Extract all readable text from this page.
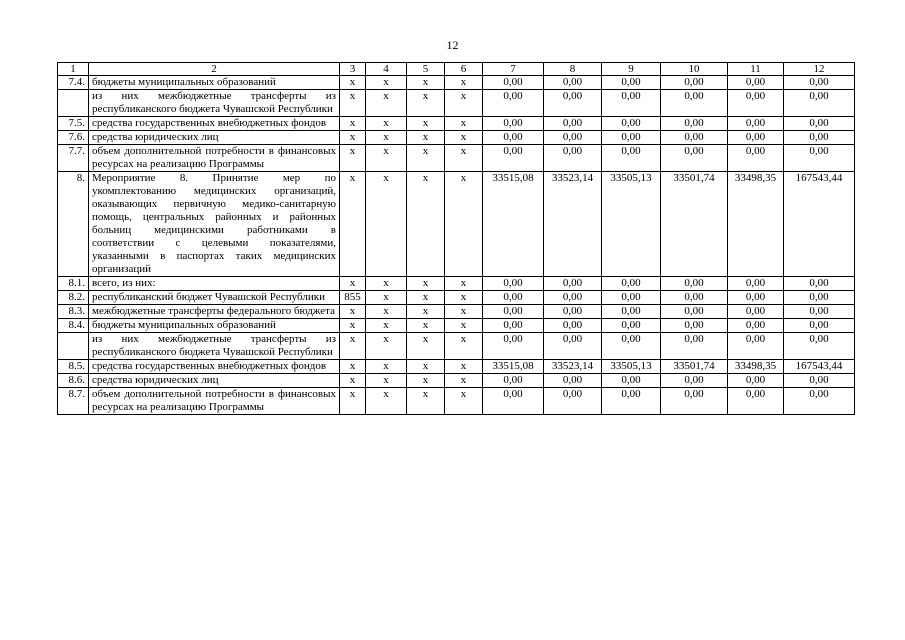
12
1	2	3	4	5	6	7	8	9	10	11	12
7.4.	бюджеты муниципальных образований	x	x	x	x	0,00	0,00	0,00	0,00	0,00	0,00
	из них межбюджетные трансферты из республиканского бюджета Чувашской Республики	x	x	x	x	0,00	0,00	0,00	0,00	0,00	0,00
7.5.	средства государственных внебюджетных фондов	x	x	x	x	0,00	0,00	0,00	0,00	0,00	0,00
7.6.	средства юридических лиц	x	x	x	x	0,00	0,00	0,00	0,00	0,00	0,00
7.7.	объем дополнительной потребности в финансовых ресурсах на реализацию Программы	x	x	x	x	0,00	0,00	0,00	0,00	0,00	0,00
8.	Мероприятие 8. Принятие мер по укомплектованию медицинских организаций, оказывающих первичную медико-санитарную помощь, центральных районных и районных больниц медицинскими работниками в соответствии с целевыми показателями, указанными в паспортах таких медицинских организаций	x	x	x	x	33515,08	33523,14	33505,13	33501,74	33498,35	167543,44
8.1.	всего, из них:	x	x	x	x	0,00	0,00	0,00	0,00	0,00	0,00
8.2.	республиканский бюджет Чувашской Республики	855	x	x	x	0,00	0,00	0,00	0,00	0,00	0,00
8.3.	межбюджетные трансферты федерального бюджета	x	x	x	x	0,00	0,00	0,00	0,00	0,00	0,00
8.4.	бюджеты муниципальных образований	x	x	x	x	0,00	0,00	0,00	0,00	0,00	0,00
	из них межбюджетные трансферты из республиканского бюджета Чувашской Республики	x	x	x	x	0,00	0,00	0,00	0,00	0,00	0,00
8.5.	средства государственных внебюджетных фондов	x	x	x	x	33515,08	33523,14	33505,13	33501,74	33498,35	167543,44
8.6.	средства юридических лиц	x	x	x	x	0,00	0,00	0,00	0,00	0,00	0,00
8.7.	объем дополнительной потребности в финансовых ресурсах на реализацию Программы	x	x	x	x	0,00	0,00	0,00	0,00	0,00	0,00
